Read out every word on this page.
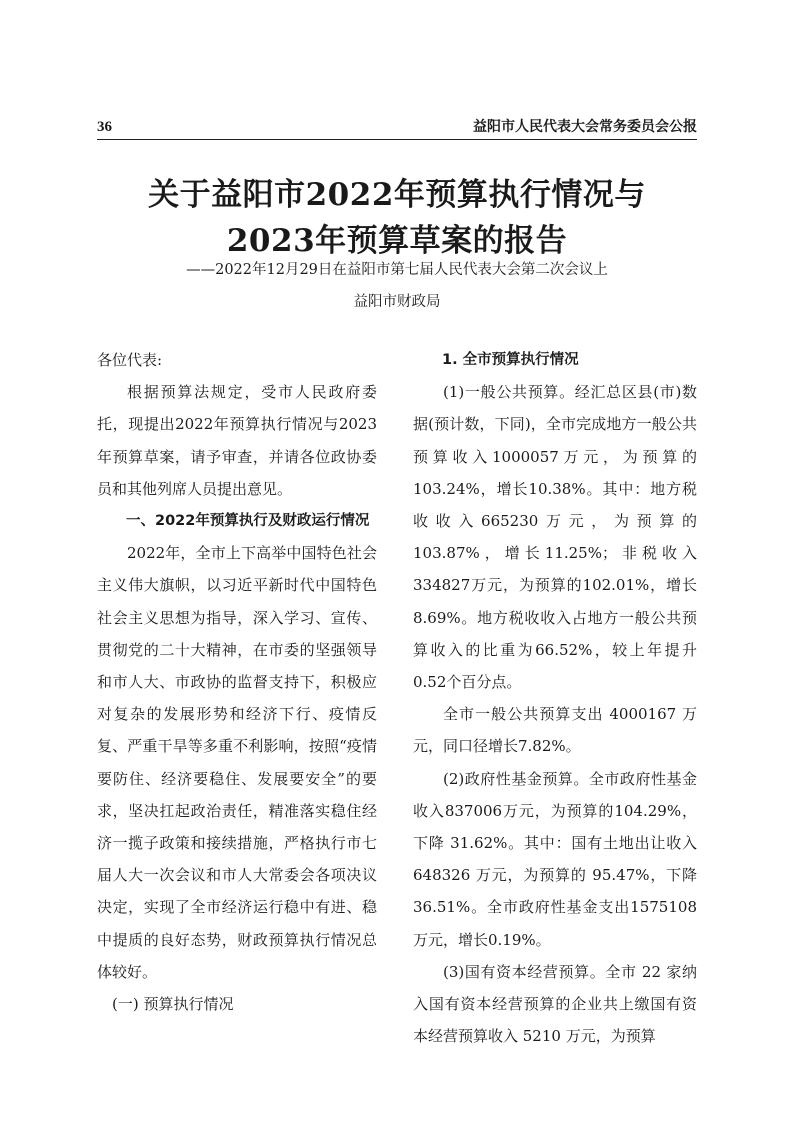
36	益阳市人民代表大会常务委员会公报
关于益阳市2022年预算执行情况与
2023年预算草案的报告
——2022年12月29日在益阳市第七届人民代表大会第二次会议上
益阳市财政局

各位代表:

根据预算法规定，受市人民政府委托，现提出2022年预算执行情况与2023年预算草案，请予审查，并请各位政协委员和其他列席人员提出意见。

一、2022年预算执行及财政运行情况

2022年，全市上下高举中国特色社会主义伟大旗帜，以习近平新时代中国特色社会主义思想为指导，深入学习、宣传、贯彻党的二十大精神，在市委的坚强领导和市人大、市政协的监督支持下，积极应对复杂的发展形势和经济下行、疫情反复、严重干旱等多重不利影响，按照“疫情要防住、经济要稳住、发展要安全”的要求，坚决扛起政治责任，精准落实稳住经济一揽子政策和接续措施，严格执行市七届人大一次会议和市人大常委会各项决议决定，实现了全市经济运行稳中有进、稳中提质的良好态势，财政预算执行情况总体较好。

(一) 预算执行情况

1. 全市预算执行情况

(1)一般公共预算。经汇总区县(市)数据(预计数，下同)，全市完成地方一般公共预算收入1000057万元，为预算的103.24%，增长10.38%。其中：地方税收收入665230万元，为预算的103.87%，增长11.25%；非税收入334827万元，为预算的102.01%，增长8.69%。地方税收收入占地方一般公共预算收入的比重为66.52%，较上年提升0.52个百分点。

全市一般公共预算支出 4000167 万元，同口径增长7.82%。

(2)政府性基金预算。全市政府性基金收入837006万元，为预算的104.29%，下降 31.62%。其中：国有土地出让收入648326 万元，为预算的 95.47%，下降36.51%。全市政府性基金支出1575108万元，增长0.19%。

(3)国有资本经营预算。全市 22 家纳入国有资本经营预算的企业共上缴国有资本经营预算收入 5210 万元，为预算
